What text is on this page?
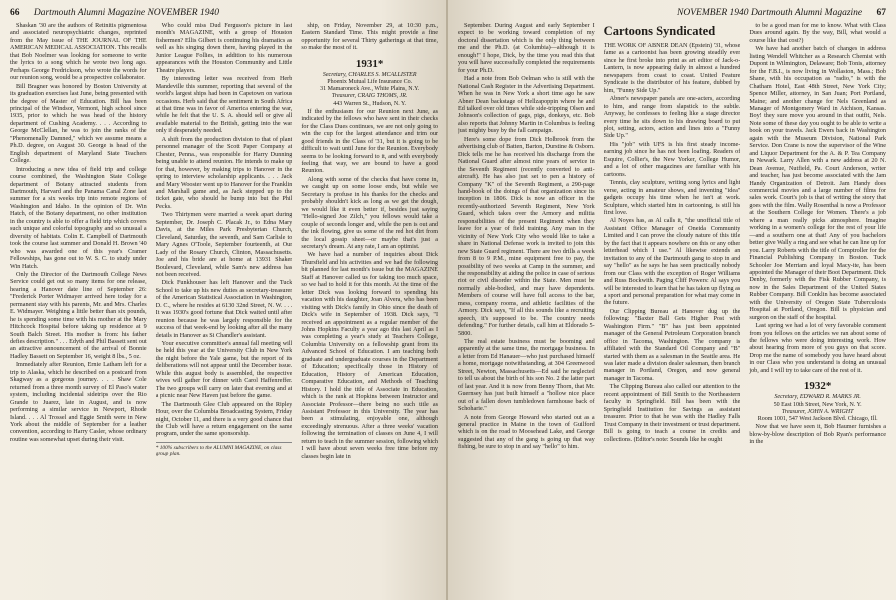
66 Dartmouth Alumni Magazine NOVEMBER 1940

Shaskan '30 are the authors of Retinitis pigmentosa and associated neuropsychiatric changes, reprinted from the May issue of THE JOURNAL OF THE AMERICAN MEDICAL ASSOCIATION. This recalls that Bob Noelmer was looking for someone to write the lyrics to a song which he wrote two long ago. Perhaps George Fredrickson, who wrote the words for our reunion song, would be a prospective collaborator.

Bill Bragner was honored by Boston University at its graduation exercises last June, being presented with the degree of Master of Education. Bill has been principal of the Windsor, Vermont, high school since 1935, prior to which he was head of the history department of Cushing Academy. . . . According to George McClellan, he was to join the ranks of the "Phenomenally Damned," which we assume means a Ph.D. degree, on August 30. George is head of the English department of Maryland State Teachers College.

Introducing a new idea of field trip and college course combined, the Washington State College department of Botany attracted students from Dartmouth, Harvard and the Panama Canal Zone last summer for a six weeks trip into remote regions of Washington and Idaho. In the opinion of Dr. Win Hatch, of the Botany department, no other institution in the country is able to offer a field trip which covers such unique and colorful topography and so unusual a diversity of habitats. Colin E. Campbell of Dartmouth took the course last summer and Donald H. Brown '40 who was awarded one of this year's Cramer Fellowships, has gone out to W. S. C. to study under Win Hatch.

Only the Director of the Dartmouth College News Service could get out so many items for one release, hearing a Hanover date line of September 26: "Frederick Porter Widmayer arrived here today for a permanent stay with his parents, Mr. and Mrs. Charles E. Widmayer. Weighing a little better than six pounds, he is spending some time with his mother at the Mary Hitchcock Hospital before taking up residence at 9 South Balch Street. His mother is from: his father defies description." . . . Edyth and Phil Bassett sent out an attractive announcement of the arrival of Bonnie Hadley Bassett on September 16, weight 8 lbs., 5 oz.

Immediately after Reunion, Ernie Latham left for a trip to Alaska, which he described on a postcard from Skagway as a gorgeous journey. . . . Shaw Cole returned from a three month survey of El Paso's water system, including incidental sidetrips over the Rio Grande to Juarez, late in August, and is now performing a similar service in Newport, Rhode Island. . . . Al Trossel and Eggie Smith were in New York about the middle of September for a leather convention, according to Harry Casler, whose ordinary routine was somewhat upset during their visit.

Who could miss Dud Ferguson's picture in last month's MAGAZINE, with a group of Houston fishermen? Ellis Gilbert is continuing his dramatics as well as his singing down there, having played in the Junior League Follies, in addition to his numerous appearances with the Houston Community and Little Theatre players.

By interesting letter was received from Herb Mandeville this summer, reporting that several of the world's largest ships had been in Capetown on various occasions. Herb said that the sentiment in South Africa at that time was in favor of America entering the war, while he felt that the U. S. A. should sell or give all available material to the British, getting into the war only if desperately needed.

A shift from the production division to that of plant personnel manager of the Scott Paper Company at Chester, Penna., was responsible for Harry Dunning being unable to attend reunion. He intends to make up for that, however, by making trips to Hanover in the spring to interview scholarship applicants. . . . Jack and Mary Wooster went up to Hanover for the Franklin and Marshall game and, as Jack stepped up to the ticket gate, who should he bump into but the Phil Pecks.

Two Thirtymen were married a week apart during September, Dr. Joseph C. Placak Jr., to Edna Mary Davis, at the Miles Park Presbyterian Church, Cleveland, Saturday, the seventh, and Sam Carlisle to Mary Agnes O'Toole, September fourteenth, at Our Lady of the Rosary Church, Clinton, Massachusetts. Joe and his bride are at home at 13931 Shaker Boulevard, Cleveland, while Sam's new address has not been received.

Dick Funkhouser has left Hanover and the Tuck School to take up his new duties as secretary-treasurer of the American Statistical Association in Washington, D. C., where he resides at 6130 32nd Street, N. W. . . . It was 1930's good fortune that Dick waited until after reunion because he was largely responsible for the success of that week-end by looking after all the many details in Hanover as Si Chandler's assistant.

Your executive committee's annual fall meeting will be held this year at the University Club in New York the night before the Yale game, but the report of its deliberations will not appear until the December issue. While this august body is assembled, the respective wives will gather for dinner with Carol Haffenreffer. The two groups will carry on later that evening and at a picnic near New Haven just before the game.

The Dartmouth Glee Club appeared on the Ripley Hour, over the Columbia Broadcasting System, Friday night, October 11, and there is a very good chance that the Club will have a return engagement on the same program, under the same sponsorship.

* 100% subscribers to the ALUMNI MAGAZINE, on class group plan.

ship, on Friday, November 29, at 10:30 p.m., Eastern Standard Time. This might provide a fine opportunity for several Thirty gatherings at that time, so make the most of it.

1931*
Secretary, CHARLES S. MCALLISTER
Phoenix Mutual Life Insurance Co.
31 Mamaroneck Ave., White Plains, N.Y.
Treasurer, CRAIG THOMS, JR.
443 Warren St., Hudson, N. Y.

If the enthusiasm for our Reunion next June, as indicated by the fellows who have sent in their checks for the Class Dues continues, we are not only going to win the cup for the largest attendance and trim our good friends in the Class of '31, but it is going to be difficult to wait until June for the Reunion. Everybody seems to be looking forward to it, and with everybody feeling that way, we are bound to have a good Reunion.

Along with some of the checks that have come in, we caught up on some loose ends, but while we Secretary is profuse in his thanks for the checks and probably shouldn't kick as long as we get the dough, we would like it even better if, besides just saying "Hello-signed Joe Zilch," you fellows would take a couple of seconds longer and, while the pen is out and the ink flowing, give us some of the red hot dirt from the local gossip sheet—or maybe that's just a secretary's dream. At any rate, I am an optimist.

We have had a number of inquiries about Dick Thursfield and his activities and we had the following bit planned for last month's issue but the MAGAZINE Staff at Hanover called us for taking too much space, so we had to hold it for this month. At the time of the letter Dick was looking forward to spending his vacation with his daughter, Joan Alvera, who has been visiting with Dick's family in Ohio since the death of Dick's wife in September of 1938. Dick says, "I received an appointment as a regular member of the Johns Hopkins Faculty a year ago this last April as I was completing a year's study at Teachers College, Columbia University on a fellowship grant from its Advanced School of Education. I am teaching both graduate and undergraduate courses in the Department of Education; specifically those in History of Education, History of American Education, Comparative Education, and Methods of Teaching History. I hold the title of Associate in Education, which is the rank at Hopkins between Instructor and Associate Professor—there being no such title as Assistant Professor in this University. The year has been a stimulating, enjoyable one, although exceedingly strenuous. After a three weeks' vacation following the termination of classes on June 4, I will return to teach in the summer session, following which I will have about seven weeks free time before my classes begin late in

NOVEMBER 1940 Dartmouth Alumni Magazine 67

September. During August and early September I expect to be working toward completion of my doctoral dissertation which is the only thing between me and the Ph.D. (at Columbia)—although it is enough!" I hope, Dick, by the time you read this that you will have successfully completed the requirements for your Ph.D.

Had a note from Bob Oelman who is still with the National Cash Register in the Advertising Department. When he was in New York a short time ago he saw Abner Dean backstage of Hellzapoppin where he and Ed talked over old times while side-tripping Olsen and Johnson's collection of gags, pigs, donkeys, etc. Bob also reports that Johnny Martin in Columbus is feeling just mighty busy by the fall campaign.

Here's some dope from Dick Holbrook from the advertising club of Batten, Barton, Durstine & Osborn. Dick tells me he has received his discharge from the National Guard after almost nine years of service in the Seventh Regiment (recently converted to anti-aircraft). He has also just set to pen a history of Company "K" of the Seventh Regiment, a 290-page hand-book of the doings of that organization since its inception in 1806. Dick is now an officer in the recently-authorized Seventh Regiment, New York Guard, which takes over the Armory and militia responsibilities of the present Regiment when they leave for a year of field training. Any man in the vicinity of New York City who would like to take a share in National Defense work is invited to join this new State Guard regiment. There are two drills a week from 8 to 9 P.M., mine equipment free to pay, the possibility of two weeks at Camp in the summer, and the responsibility at aiding the police in case of serious riot or civil disorder within the State. Men must be normally able-bodied, and may have dependents. Members of course will have full access to the bar, mess, company rooms, and athletic facilities of the Armory. Dick says, "If all this sounds like a recruiting speech, it's supposed to be. The country needs defending." For further details, call him at Eldorado 5-5800.

The real estate business must be booming and apparently at the same time, the mortgage business. In a letter from Ed Hanauer—who just purchased himself a home, mortgage notwithstanding, at 304 Greenwood Street, Newton, Massachusetts—Ed said he neglected to tell us about the birth of his son No. 2 the latter part of last year. And it is now from Benny Thorn, that Mr. Guernsey has just built himself a "hollow nice place out of a fallen down tumbledown farmhouse back of Schoharie."

A note from George Howard who started out as a general practice in Maine in the town of Guilford which is on the road to Moosehead Lake, and George suggested that any of the gang is going up that way fishing, be sure to stop in and say "hello" to him.

Cartoons Syndicated

THE WORK OF ABNER DEAN (Epstein) '31, whose fame as a cartoonist has been growing steadily ever since he first broke into print as art editor of Jack-o-Lantern, is now appearing daily in almost a hundred newspapers from coast to coast. United Feature Syndicate is the distributor of his feature, dubbed by him, "Funny Side Up."

Abner's newspaper panels are one-acters, according to him, and range from slapstick to the subtle. Anyway, he confesses to feeling like a stage director every time he sits down to his drawing board to put plot, setting, actors, action and lines into a "Funny Side Up."

His "job" with UFS is his first steady income-earning job since he has not been loafing. Readers of Esquire, Collier's, the New Yorker, College Humor, and a lot of other magazines are familiar with his cartoons.

Tennis, clay sculpture, writing song lyrics and light verse, acting in amateur shows, and inventing "idea" gadgets occupy his time when he isn't at work. Sculpture, which started him in cartooning, is still his first love.

Al Noyes has, as Al calls it, "the unofficial title of Assistant Office Manager of Oneida Community Limited and I can prove the cloudy nature of this title by the fact that it appears nowhere on this or any other letterhead which I use." Al likewise extends an invitation to any of the Dartmouth gang to stop in and say "hello" as he says he has seen practically nobody from our Class with the exception of Roger Williams and Russ Bockwith. Paging Cliff Powers: Al says you will be interested to learn that he has taken up flying as a sport and personal preparation for what may come in the future.

Our Clipping Bureau at Hanover dug up the following: "Baxter Ball Gets Higher Post with Washington Firm." "B" has just been appointed manager of the General Petroleum Corporation branch office in Tacoma, Washington. The company is affiliated with the Standard Oil Company and "B" started with them as a salesman in the Seattle area. He was later made a division dealer salesman, then branch manager in Portland, Oregon, and now general manager in Tacoma.

The Clipping Bureau also called our attention to the recent appointment of Bill Smith to the Northeastern faculty in Springfield. Bill has been with the Springfield Institution for Savings as assistant treasurer. Prior to that he was with the Hadley Falls Trust Company in their investment or trust department. Bill is going to teach a course in credits and collections. (Editor's note: Sounds like he ought

to be a good man for me to know. What with Class Dues around again. By the way, Bill, what would a course like that cost?)

We have had another batch of changes in address listing Wendell Whitcher as a Research Chemist with Dupont in Wilmington, Delaware; Bob Tonis, attorney for the F.B.I., is now living in Wollaston, Mass.; Bob Shane, with his occupation as "radio," is with the Chatham Hotel, East 48th Street, New York City; Spence Miller, attorney, in San Juan; Port Portland, Maine; and another change for Nels Greenland as Manager of Montgomery Ward in Atchison, Kansas. Boy! they sure move you around in that outfit, Nels. Note some of these day you ought to be able to write a book on your travels. Jack Ewers back in Washington again with the Museum Division, National Park Service. Don Crane is now the supervisor of the Wine and Liquor Department for the A. & P. Tea Company in Newark. Larry Allen with a new address at 20 N. Dean Avenue, Nutfield, Pa. Court Anderson, writer and teacher, has just become associated with the Jam Handy Organization of Detroit. Jam Handy does commercial movies and a large number of films for sales work. Court's job is that of writing the story that goes with the film. Wally Rosenthal is now a Professor at the Southern College for Women. There's a job where a man really picks atmosphere. Imagine working in a women's college for the rest of your life—and a southern one at that! Any of you bachelors better give Wally a ring and see what he can line up for you. Larry Roberts with the title of Comptroller for the Financial Publishing Company in Boston. Tuck Schooler Joe Merriam and loyal Macy-ite, has been appointed the Manager of their Boot Department. Dick Denby, formerly with the Fisk Rubber Company, is now in the Sales Department of the United States Rubber Company. Bill Conklin has become associated with the University of Oregon State Tuberculosis Hospital at Portland, Oregon. Bill is physician and surgeon on the staff of the hospital.

Last spring we had a lot of very favorable comment from you fellows on the articles we ran about some of the fellows who were doing interesting work. How about hearing from more of you guys on that score. Drop me the name of somebody you have heard about in our Class who you understand is doing an unusual job, and I will try to take care of the rest of it.

1932*
Secretary, EDWARD R. MARKS JR.
50 East 10th Street, New York, N. Y.
Treasurer, JOHN A. WRIGHT
Room 1001, 547 West Jackson Blvd. Chicago, Ill.

Now that we have seen it, Bob Haumer furnishes a blow-by-blow description of Bob Ryan's performance in the
